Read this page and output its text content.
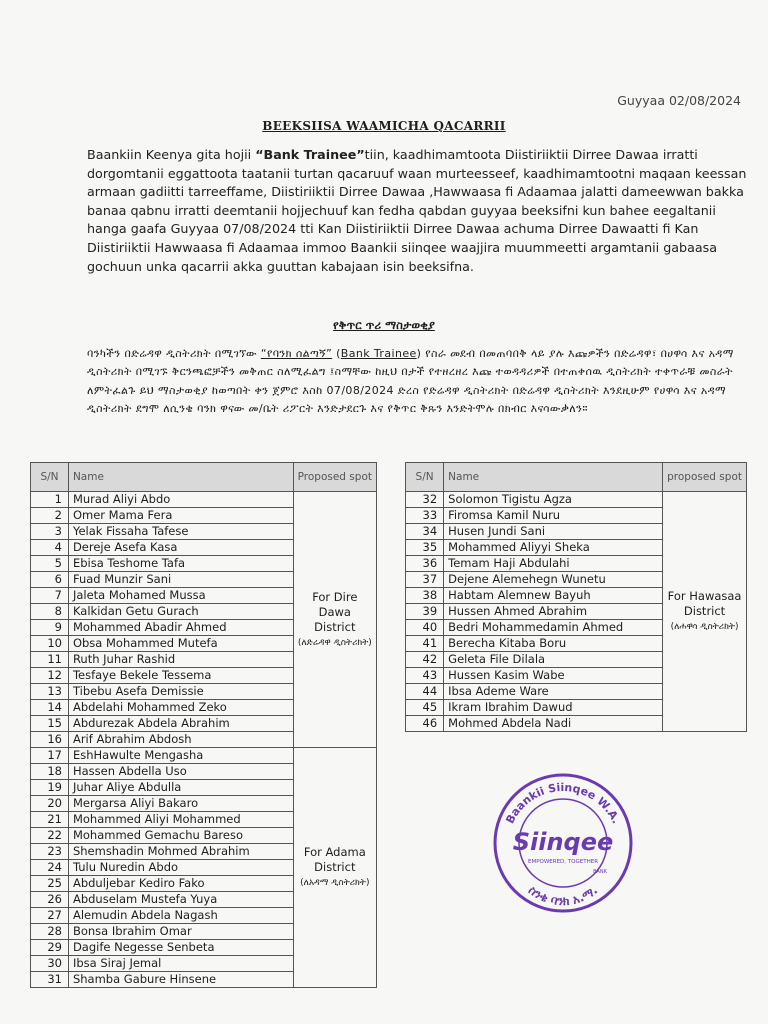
Guyyaa 02/08/2024
BEEKSIISA WAAMICHA QACARRII

Baankiin Keenya gita hojii “Bank Trainee”tiin, kaadhimamtoota Diistiriiktii Dirree Dawaa irratti dorgomtanii eggattoota taatanii turtan qacaruuf waan murteesseef, kaadhimamtootni maqaan keessan armaan gadiitti tarreeffame, Diistiriiktii Dirree Dawaa ,Hawwaasa fi Adaamaa jalatti dameewwan bakka banaa qabnu irratti deemtanii hojjechuuf kan fedha qabdan guyyaa beeksifni kun bahee eegaltanii hanga gaafa Guyyaa 07/08/2024 tti Kan Diistiriiktii Dirree Dawaa achuma Dirree Dawaatti fi Kan Diistiriiktii Hawwaasa fi Adaamaa immoo Baankii siinqee waajjira muummeetti argamtanii gabaasa gochuun unka qacarrii akka guuttan kabajaan isin beeksifna.

የቅጥር ጥሪ ማስታወቂያ

ባንካችን በድሬዳዋ ዲስትሪክት በሚገኘው “የባንክ ሰልጣኝ” (Bank Trainee) የስራ መደብ በመጠባበቅ ላይ ያሉ እጩዎችን በድሬዳዋ፣ በሀዋሳ እና አዳማ ዲስትሪክት በሚገኙ ቅርንጫፎቻችን መቅጠር ስለሚፈልግ ፤ስማቸው ከዚህ በታች የተዘረዘረ እጩ ተወዳዳሪዎች በተጠቀሰዉ ዲስትሪክት ተቀጥራቹ መስራት ለምትፈልጉ ይህ ማስታወቂያ ከወጣበት ቀን ጀምሮ እስከ 07/08/2024 ድረስ የድሬዳዋ ዲስትሪክት በድሬዳዋ ዲስትሪክት እንደዚሁም የሀዋሳ እና አዳማ ዲስትሪክት ደግሞ ለሲንቄ ባንክ ዋናው መ/ቤት ሪፖርት እንድታደርጉ እና የቅጥር ቅጹን እንድትሞሉ በክብር እናሳውቃለን።

S/N	Name	Proposed spot
1	Murad Aliyi Abdo	For Dire Dawa District
(ለድሬዳዋ ዲስትሪክት)

2	Omer Mama Fera	
3	Yelak Fissaha Tafese	
4	Dereje Asefa Kasa	
5	Ebisa Teshome Tafa	
6	Fuad Munzir Sani	
7	Jaleta Mohamed Mussa	
8	Kalkidan Getu Gurach	
9	Mohammed Abadir Ahmed	
10	Obsa Mohammed Mutefa	
11	Ruth Juhar Rashid	
12	Tesfaye Bekele Tessema	
13	Tibebu Asefa Demissie	
14	Abdelahi Mohammed Zeko	
15	Abdurezak Abdela Abrahim	
16	Arif Abrahim Abdosh	
17	EshHawulte Mengasha	For Adama District
(ለአዳማ ዲስትሪክት)

18	Hassen Abdella Uso	
19	Juhar Aliye Abdulla	
20	Mergarsa Aliyi Bakaro	
21	Mohammed Aliyi Mohammed	
22	Mohammed Gemachu Bareso	
23	Shemshadin Mohmed Abrahim	
24	Tulu Nuredin Abdo	
25	Abduljebar Kediro Fako	
26	Abduselam Mustefa Yuya	
27	Alemudin Abdela Nagash	
28	Bonsa Ibrahim Omar	
29	Dagife Negesse Senbeta	
30	Ibsa Siraj Jemal	
31	Shamba Gabure Hinsene	
S/N	Name	proposed spot
32	Solomon Tigistu Agza	For Hawasaa District
(ለሐዋሳ ዲስትሪክት)

33	Firomsa Kamil Nuru	
34	Husen Jundi Sani	
35	Mohammed Aliyyi Sheka	
36	Temam Haji Abdulahi	
37	Dejene Alemehegn Wunetu	
38	Habtam Alemnew Bayuh	
39	Hussen Ahmed Abrahim	
40	Bedri Mohammedamin Ahmed	
41	Berecha Kitaba Boru	
42	Geleta File Dilala	
43	Hussen Kasim Wabe	
44	Ibsa Ademe Ware	
45	Ikram Ibrahim Dawud	
46	Mohmed Abdela Nadi	
Baankii Siinqee W.A.
Siinqee
EMPOWERED, TOGETHER
BANK
ስንቄ ባንክ አ.ማ.
